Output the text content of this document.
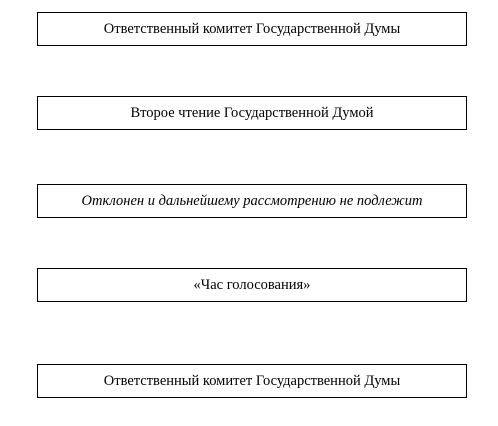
Ответственный комитет Государственной Думы
Второе чтение Государственной Думой
Отклонен и дальнейшему рассмотрению не подлежит
«Час голосования»
Ответственный комитет Государственной Думы
